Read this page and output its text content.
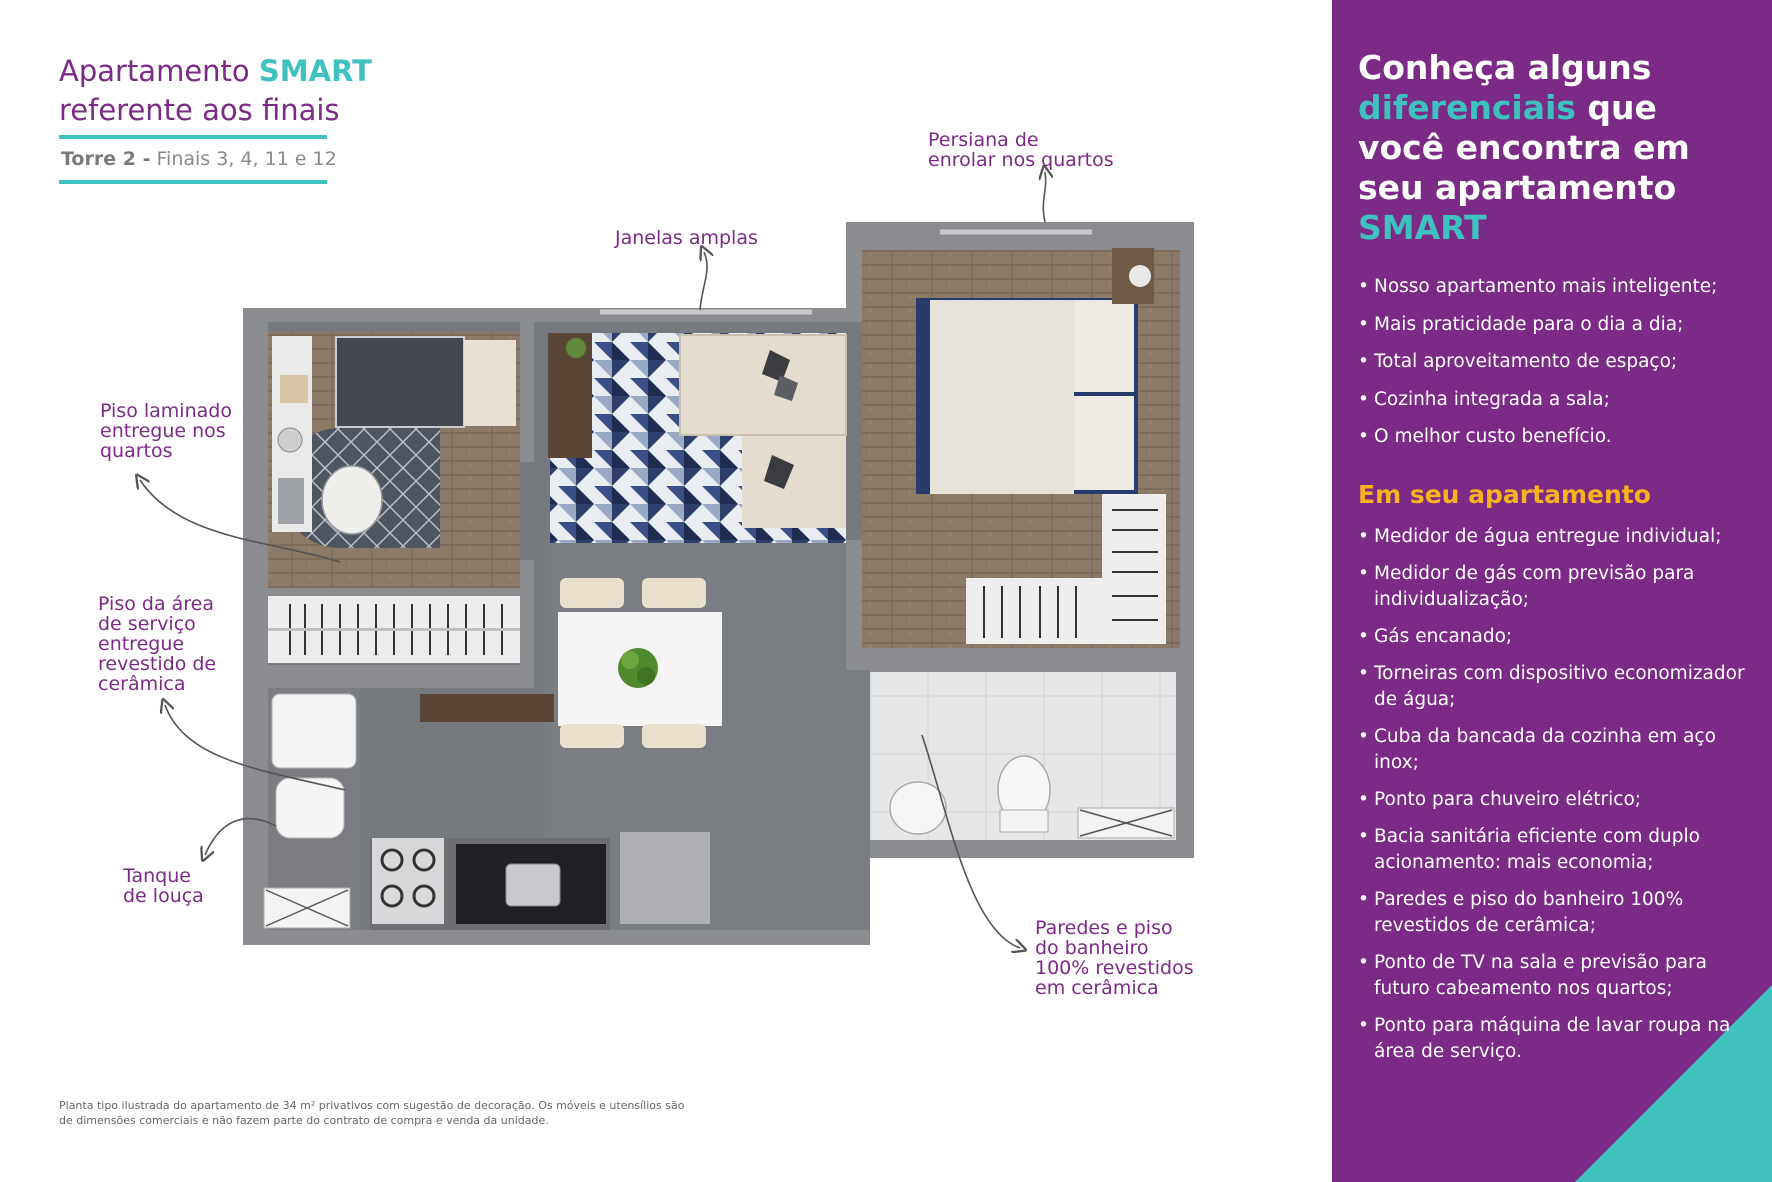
Apartamento SMART
referente aos finais
Torre 2 - Finais 3, 4, 11 e 12
Persiana de
enrolar nos quartos
Janelas amplas
Piso laminado
entregue nos
quartos
Piso da área
de serviço
entregue
revestido de
cerâmica
Tanque
de louça
Paredes e piso
do banheiro
100% revestidos
em cerâmica
Planta tipo ilustrada do apartamento de 34 m² privativos com sugestão de decoração. Os móveis e utensílios são de dimensões comerciais e não fazem parte do contrato de compra e venda da unidade.
Conheça alguns
diferenciais que
você encontra em
seu apartamento
SMART
• Nosso apartamento mais inteligente;
• Mais praticidade para o dia a dia;
• Total aproveitamento de espaço;
• Cozinha integrada a sala;
• O melhor custo benefício.
Em seu apartamento
• Medidor de água entregue individual;
• Medidor de gás com previsão para individualização;
• Gás encanado;
• Torneiras com dispositivo economizador de água;
• Cuba da bancada da cozinha em aço inox;
• Ponto para chuveiro elétrico;
• Bacia sanitária eficiente com duplo acionamento: mais economia;
• Paredes e piso do banheiro 100% revestidos de cerâmica;
• Ponto de TV na sala e previsão para futuro cabeamento nos quartos;
• Ponto para máquina de lavar roupa na área de serviço.
